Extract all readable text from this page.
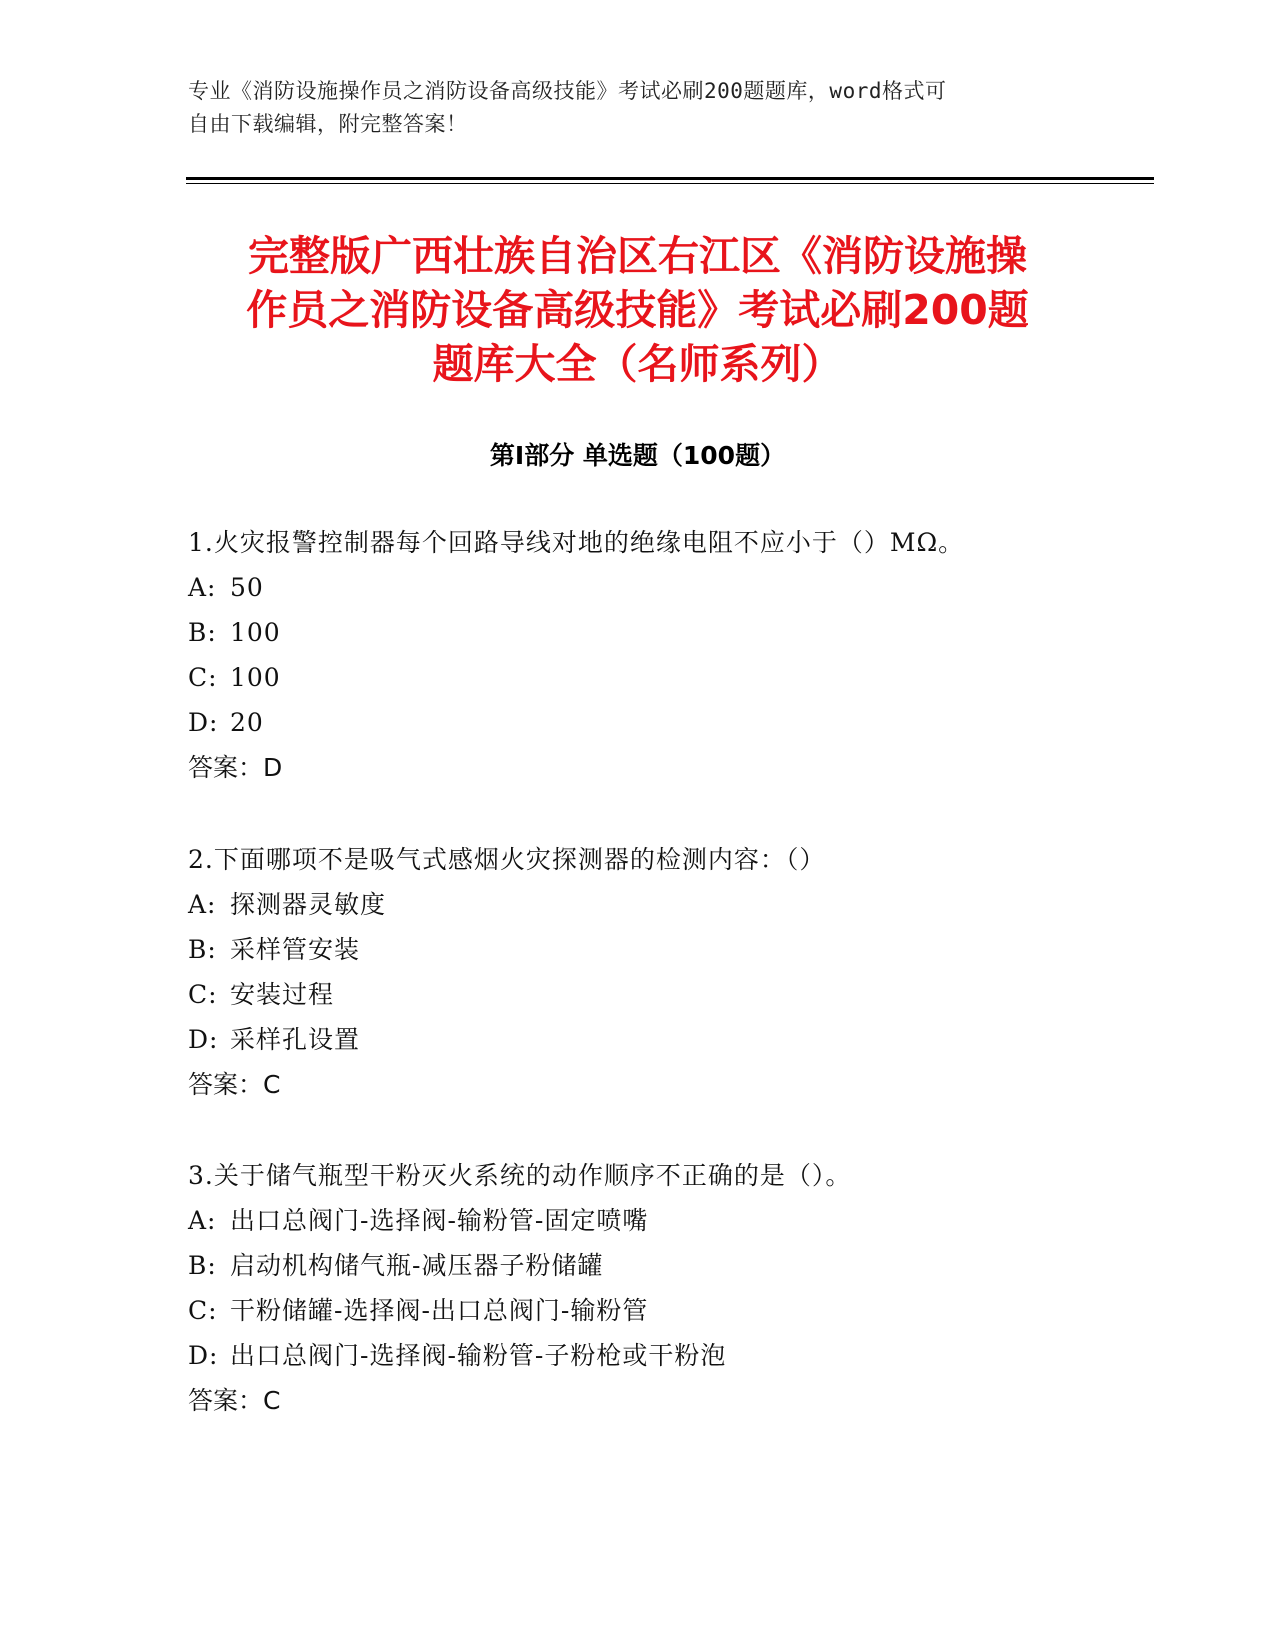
专业《消防设施操作员之消防设备高级技能》考试必刷200题题库，word格式可
自由下载编辑，附完整答案！
完整版广西壮族自治区右江区《消防设施操
作员之消防设备高级技能》考试必刷200题
题库大全（名师系列）
第Ⅰ部分 单选题（100题）
1.火灾报警控制器每个回路导线对地的绝缘电阻不应小于（）MΩ。
A: 50
B: 100
C: 100
D: 20
答案：D
2.下面哪项不是吸气式感烟火灾探测器的检测内容：（）
A: 探测器灵敏度
B: 采样管安装
C: 安装过程
D: 采样孔设置
答案：C
3.关于储气瓶型干粉灭火系统的动作顺序不正确的是（）。
A: 出口总阀门-选择阀-输粉管-固定喷嘴
B: 启动机构储气瓶-减压器子粉储罐
C: 干粉储罐-选择阀-出口总阀门-输粉管
D: 出口总阀门-选择阀-输粉管-子粉枪或干粉泡
答案：C
